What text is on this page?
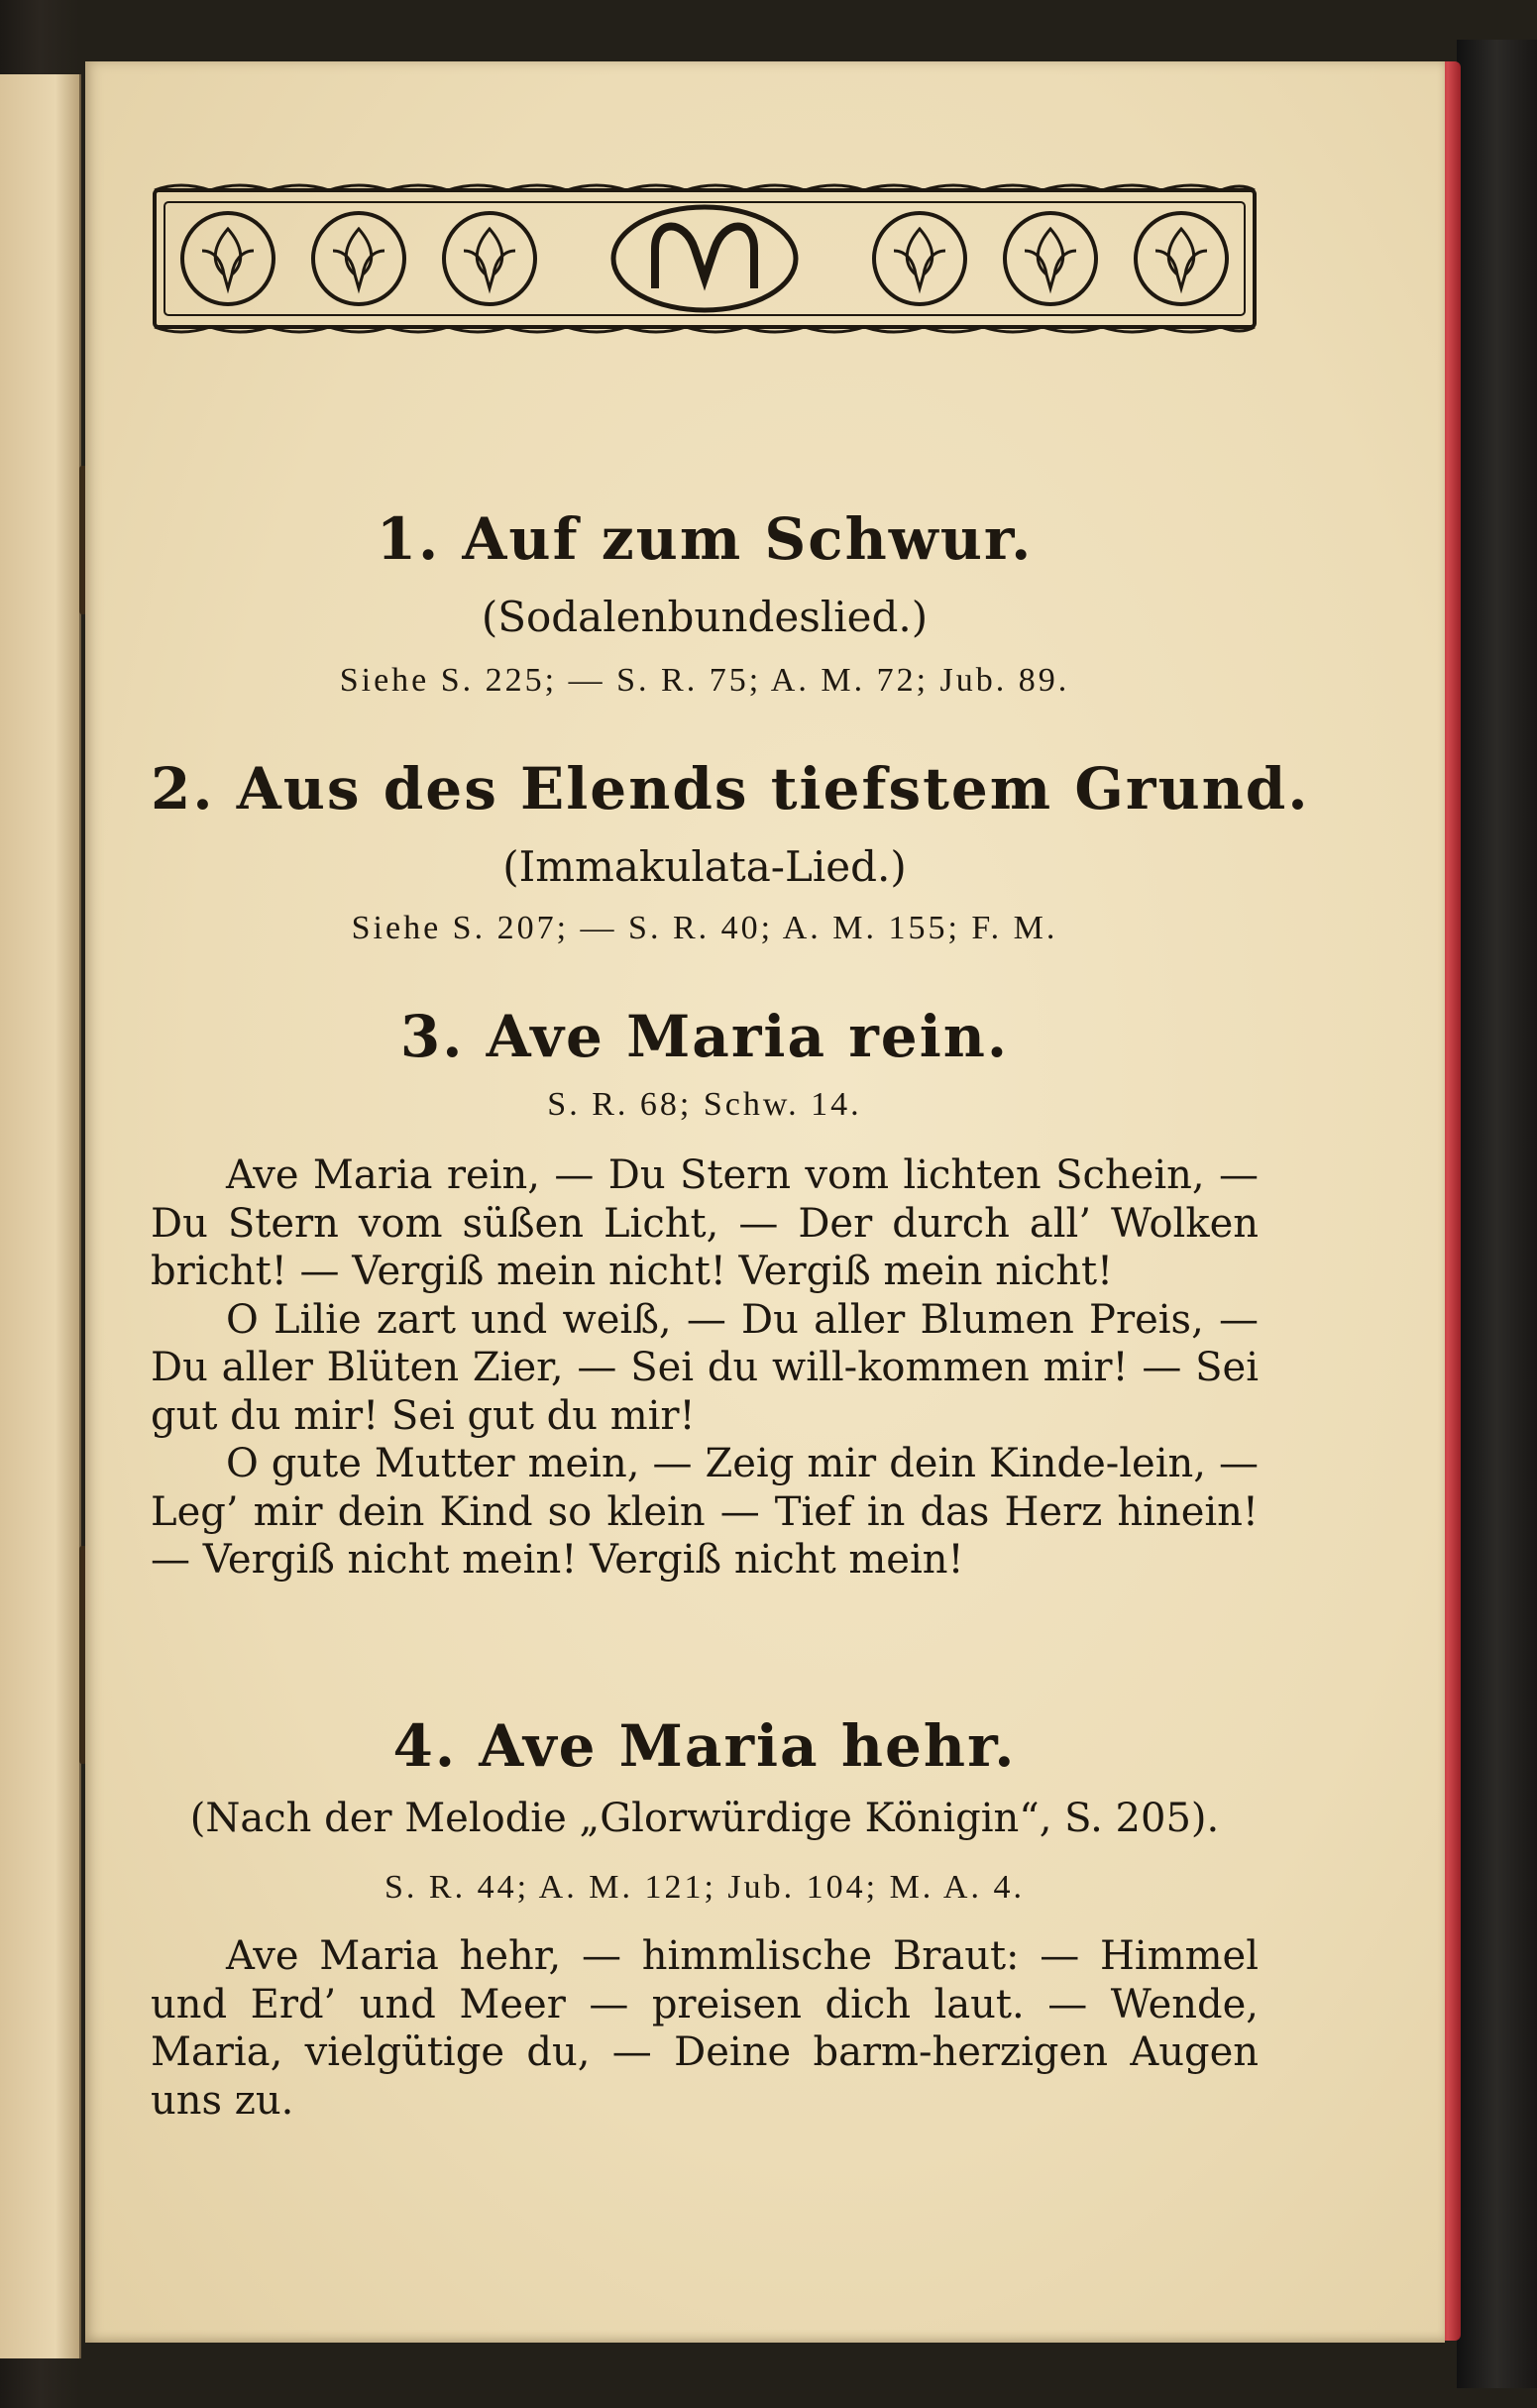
1. Auf zum Schwur.
(Sodalenbundeslied.)
Siehe S. 225; — S. R. 75; A. M. 72; Jub. 89.
2. Aus des Elends tiefstem Grund.
(Immakulata-Lied.)
Siehe S. 207; — S. R. 40; A. M. 155; F. M.
3. Ave Maria rein.
S. R. 68; Schw. 14.

Ave Maria rein, — Du Stern vom lichten Schein, — Du Stern vom süßen Licht, — Der durch all’ Wolken bricht! — Vergiß mein nicht! Vergiß mein nicht!

O Lilie zart und weiß, — Du aller Blumen Preis, — Du aller Blüten Zier, — Sei du will-kommen mir! — Sei gut du mir! Sei gut du mir!

O gute Mutter mein, — Zeig mir dein Kinde-lein, — Leg’ mir dein Kind so klein — Tief in das Herz hinein! — Vergiß nicht mein! Vergiß nicht mein!

4. Ave Maria hehr.
(Nach der Melodie „Glorwürdige Königin“, S. 205).
S. R. 44; A. M. 121; Jub. 104; M. A. 4.

Ave Maria hehr, — himmlische Braut: — Himmel und Erd’ und Meer — preisen dich laut. — Wende, Maria, vielgütige du, — Deine barm-herzigen Augen uns zu.
